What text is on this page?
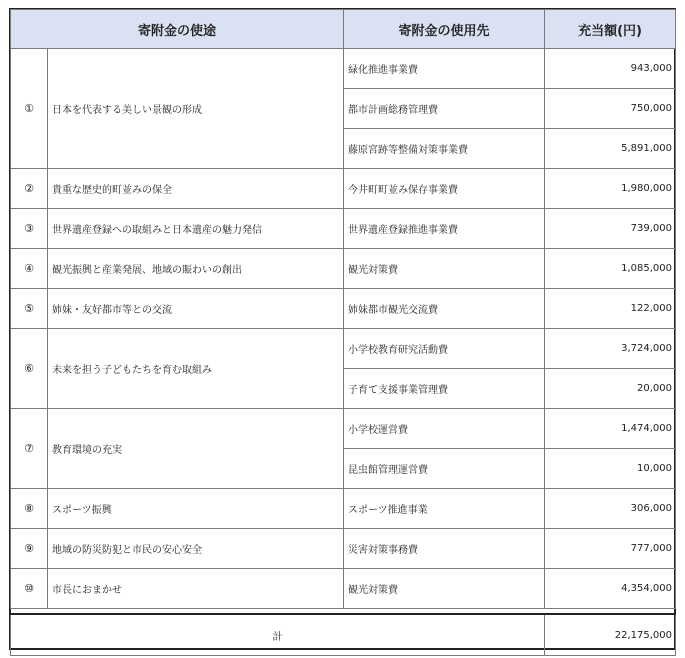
寄附金の使途		寄附金の使用先	充当額(円)
①	日本を代表する美しい景観の形成	緑化推進事業費	943,000
		都市計画総務管理費	750,000
		藤原宮跡等整備対策事業費	5,891,000
②	貴重な歴史的町並みの保全	今井町町並み保存事業費	1,980,000
③	世界遺産登録への取組みと日本遺産の魅力発信	世界遺産登録推進事業費	739,000
④	観光振興と産業発展、地域の賑わいの創出	観光対策費	1,085,000
⑤	姉妹・友好都市等との交流	姉妹都市観光交流費	122,000
⑥	未来を担う子どもたちを育む取組み	小学校教育研究活動費	3,724,000
		子育て支援事業管理費	20,000
⑦	教育環境の充実	小学校運営費	1,474,000
		昆虫館管理運営費	10,000
⑧	スポーツ振興	スポーツ推進事業	306,000
⑨	地域の防災防犯と市民の安心安全	災害対策事務費	777,000
⑩	市長におまかせ	観光対策費	4,354,000

計			22,175,000
